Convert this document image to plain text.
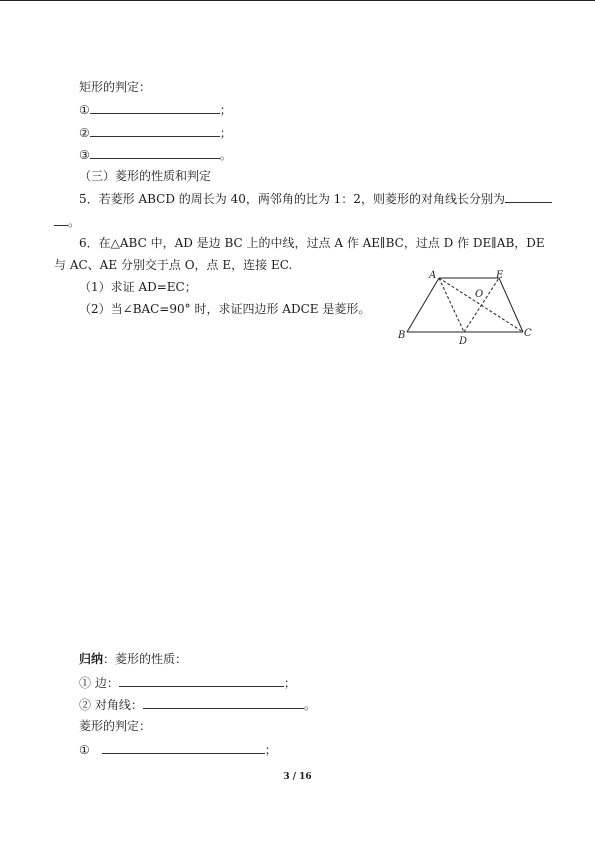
矩形的判定：
①	；
②	；
③	。
（三）菱形的性质和判定
5．若菱形 ABCD 的周长为 40，两邻角的比为 1：2，则菱形的对角线长分别为
。
6．在△ABC 中，AD 是边 BC 上的中线，过点 A 作 AE∥BC，过点 D 作 DE∥AB，DE
与 AC、AE 分别交于点 O，点 E，连接 EC.
（1）求证 AD=EC；
（2）当∠BAC=90° 时，求证四边形 ADCE 是菱形。
A	E
O
B
D
C
归纳：菱形的性质：
① 边：	；
② 对角线：	。
菱形的判定：
①	；
3 / 16
